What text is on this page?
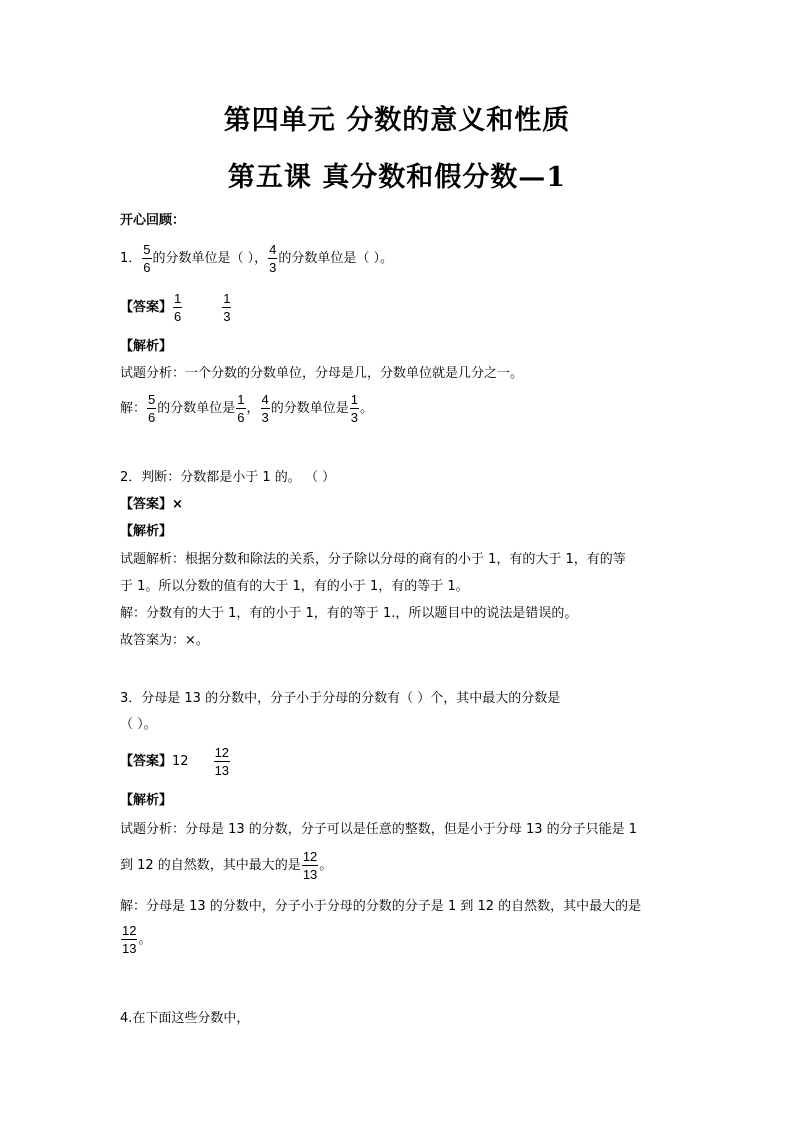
第四单元 分数的意义和性质
第五课 真分数和假分数—1
开心回顾：
1． $\frac{5}{6}$ 的分数单位是（ ）， $\frac{4}{3}$ 的分数单位是（ ）。
【答案】 $\frac{1}{6}$	$\frac{1}{3}$
【解析】
试题分析：一个分数的分数单位，分母是几，分数单位就是几分之一。
解： $\frac{5}{6}$ 的分数单位是 $\frac{1}{6}$ ， $\frac{4}{3}$ 的分数单位是 $\frac{1}{3}$ 。
2．判断：分数都是小于 1 的。 （ ）
【答案】×
【解析】
试题解析：根据分数和除法的关系，分子除以分母的商有的小于 1，有的大于 1，有的等
于 1。所以分数的值有的大于 1，有的小于 1，有的等于 1。
解：分数有的大于 1，有的小于 1，有的等于 1.，所以题目中的说法是错误的。
故答案为：×。
3．分母是 13 的分数中，分子小于分母的分数有（ ）个，其中最大的分数是
（ ）。
【答案】$12 \frac{12}{13}$
【解析】
试题分析：分母是 13 的分数，分子可以是任意的整数，但是小于分母 13 的分子只能是 1
到 12 的自然数，其中最大的是 $\frac{12}{13}$ 。
解：分母是 13 的分数中，分子小于分母的分数的分子是 1 到 12 的自然数，其中最大的是
$\frac{12}{13}$ 。
4.在下面这些分数中，
